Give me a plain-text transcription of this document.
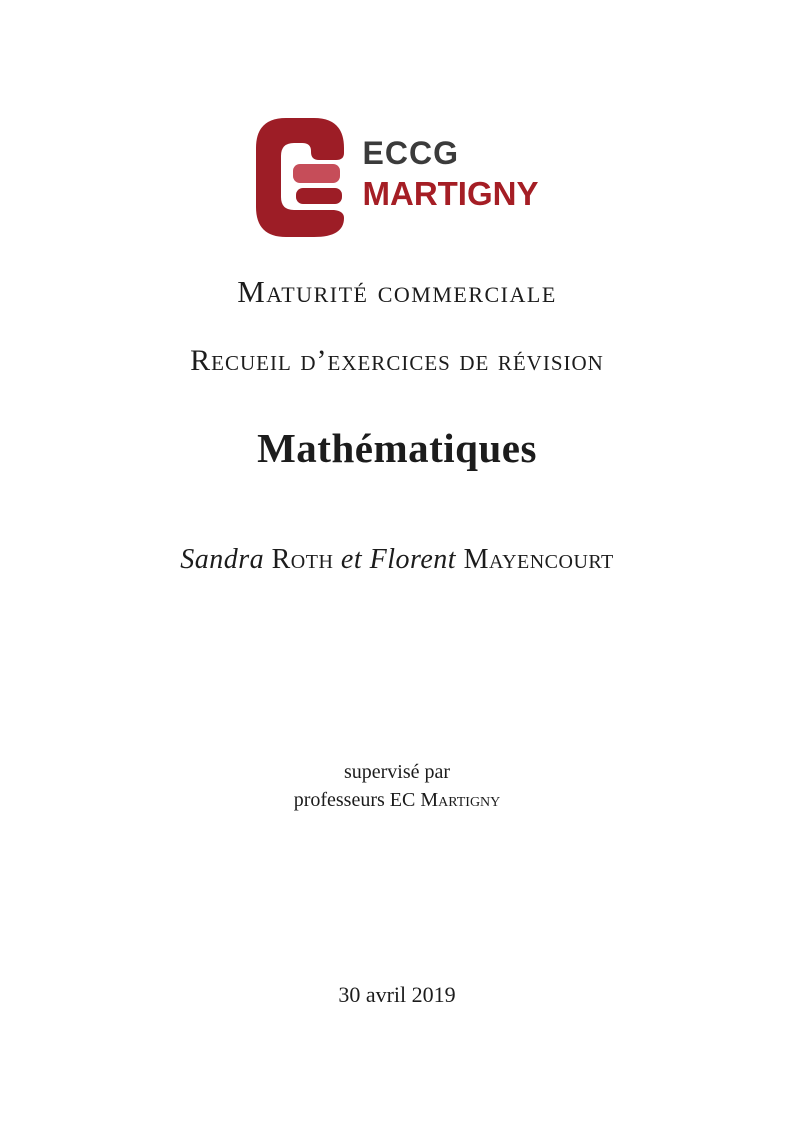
ECCG
MARTIGNY
Maturité commerciale
Recueil d’exercices de révision
Mathématiques
Sandra Roth et Florent Mayencourt
supervisé par
professeurs EC Martigny
30 avril 2019
